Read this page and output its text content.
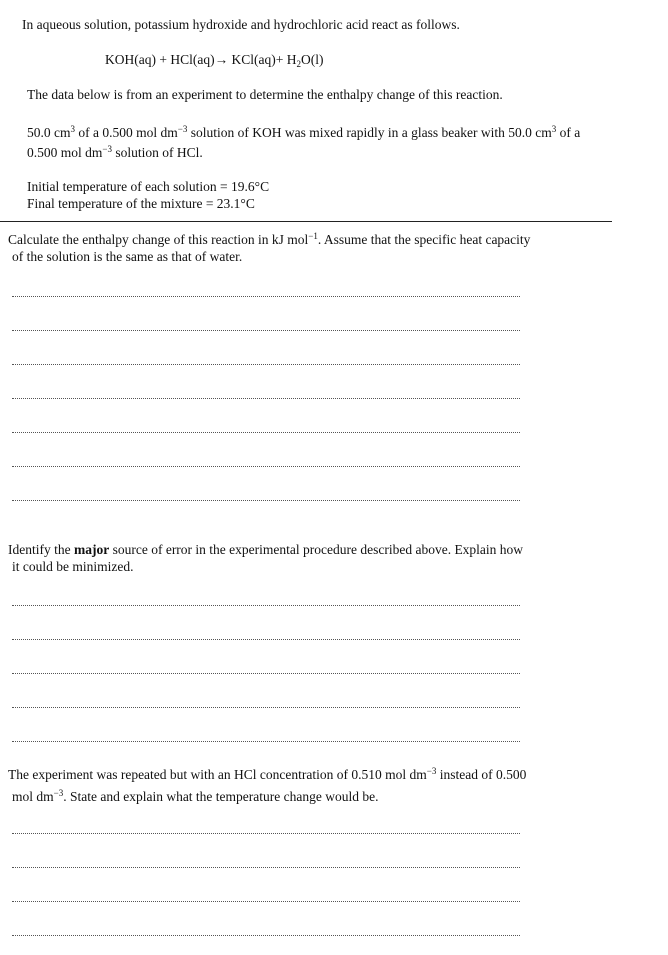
In aqueous solution, potassium hydroxide and hydrochloric acid react as follows.
$KOH(aq) + HCl(aq)\to KCl(aq)+ H_2O(l)$
The data below is from an experiment to determine the enthalpy change of this reaction.
50.0 $cm^3$ of a 0.500 mol $dm^{-3}$ solution of KOH was mixed rapidly in a glass beaker with 50.0 $cm^3$ of a
0.500 mol $dm^{-3}$ solution of HCl.
Initial temperature of each solution = 19.6°C
Final temperature of the mixture = 23.1°C
Calculate the enthalpy change of this reaction in kJ mol$^{-1}$. Assume that the specific heat capacity
of the solution is the same as that of water.
Identify the major source of error in the experimental procedure described above. Explain how
it could be minimized.
The experiment was repeated but with an HCl concentration of 0.510 mol $dm^{-3}$ instead of 0.500
mol $dm^{-3}$. State and explain what the temperature change would be.
